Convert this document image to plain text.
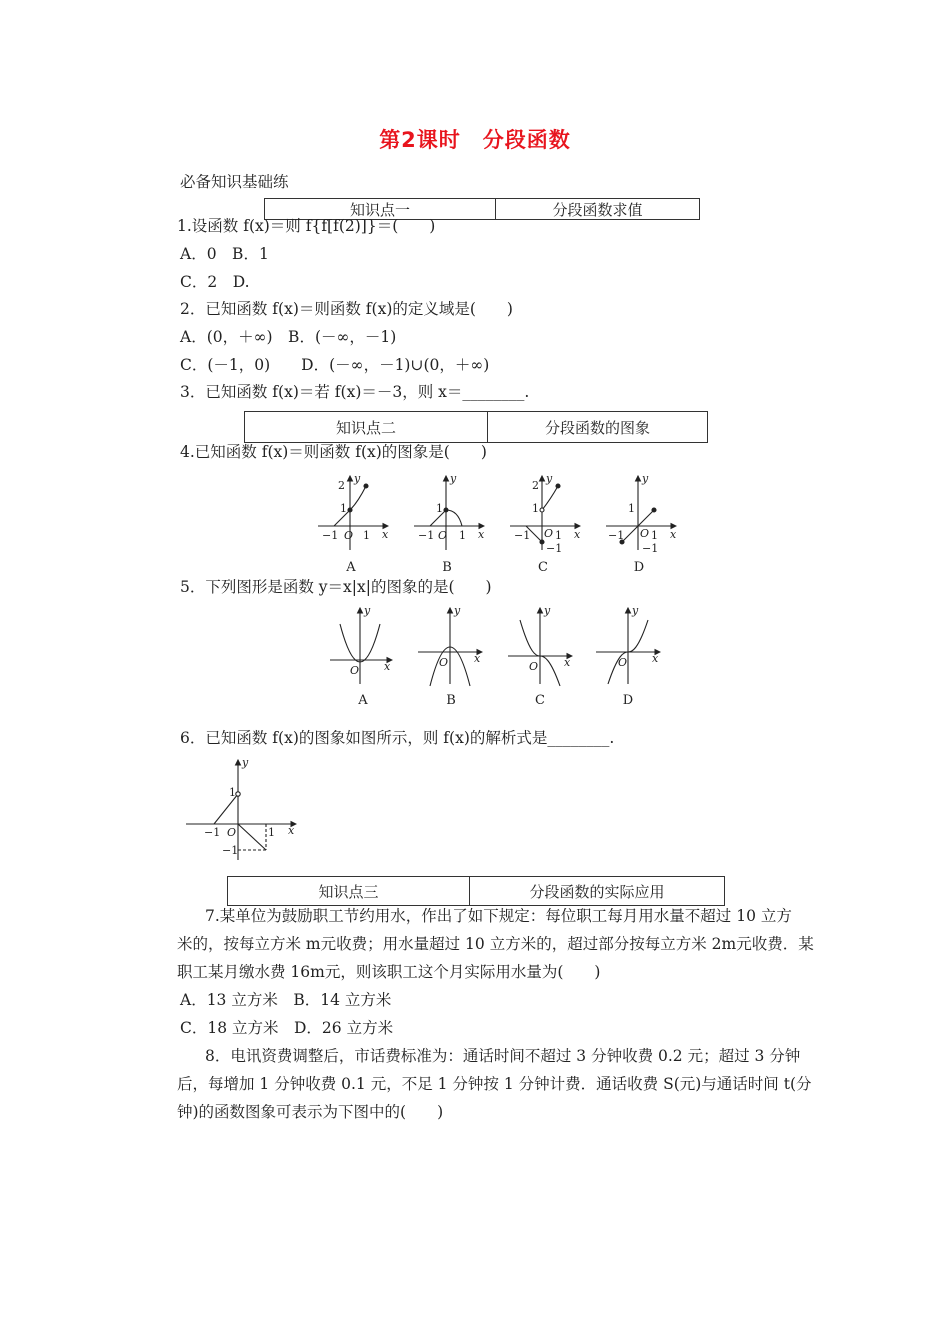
第2课时　分段函数
必备知识基础练
知识点一	分段函数求值
1.设函数 f(x)＝则 f{f[f(2)]}＝(　　)
A．0　B．1
C．2　D.
2．已知函数 f(x)＝则函数 f(x)的定义域是(　　)
A．(0，＋∞)　B．(－∞，－1)
C．(－1，0)　　D．(－∞，－1)∪(0，＋∞)
3．已知函数 f(x)＝若 f(x)＝－3，则 x＝________.
知识点二	分段函数的图象
4.已知函数 f(x)＝则函数 f(x)的图象是(　　)
2
1
−1 O 1 x
y
1
−1 O 1 x
y
2
1
−1 O 1
−1
x
y
1
−1 O 1
−1
x
y
A	B	C	D
5．下列图形是函数 y＝x|x|的图象的是(　　)
O x
y
O x
y
O x
y
O x
y
A	B	C	D
6．已知函数 f(x)的图象如图所示，则 f(x)的解析式是________.
1
−1 O	1
−1
x
y
知识点三	分段函数的实际应用
7.某单位为鼓励职工节约用水，作出了如下规定：每位职工每月用水量不超过 10 立方
米的，按每立方米 m元收费；用水量超过 10 立方米的，超过部分按每立方米 2m元收费．某
职工某月缴水费 16m元，则该职工这个月实际用水量为(　　)
A．13 立方米　B．14 立方米
C．18 立方米　D．26 立方米
8．电讯资费调整后，市话费标准为：通话时间不超过 3 分钟收费 0.2 元；超过 3 分钟
后，每增加 1 分钟收费 0.1 元，不足 1 分钟按 1 分钟计费．通话收费 S(元)与通话时间 t(分
钟)的函数图象可表示为下图中的(　　)
